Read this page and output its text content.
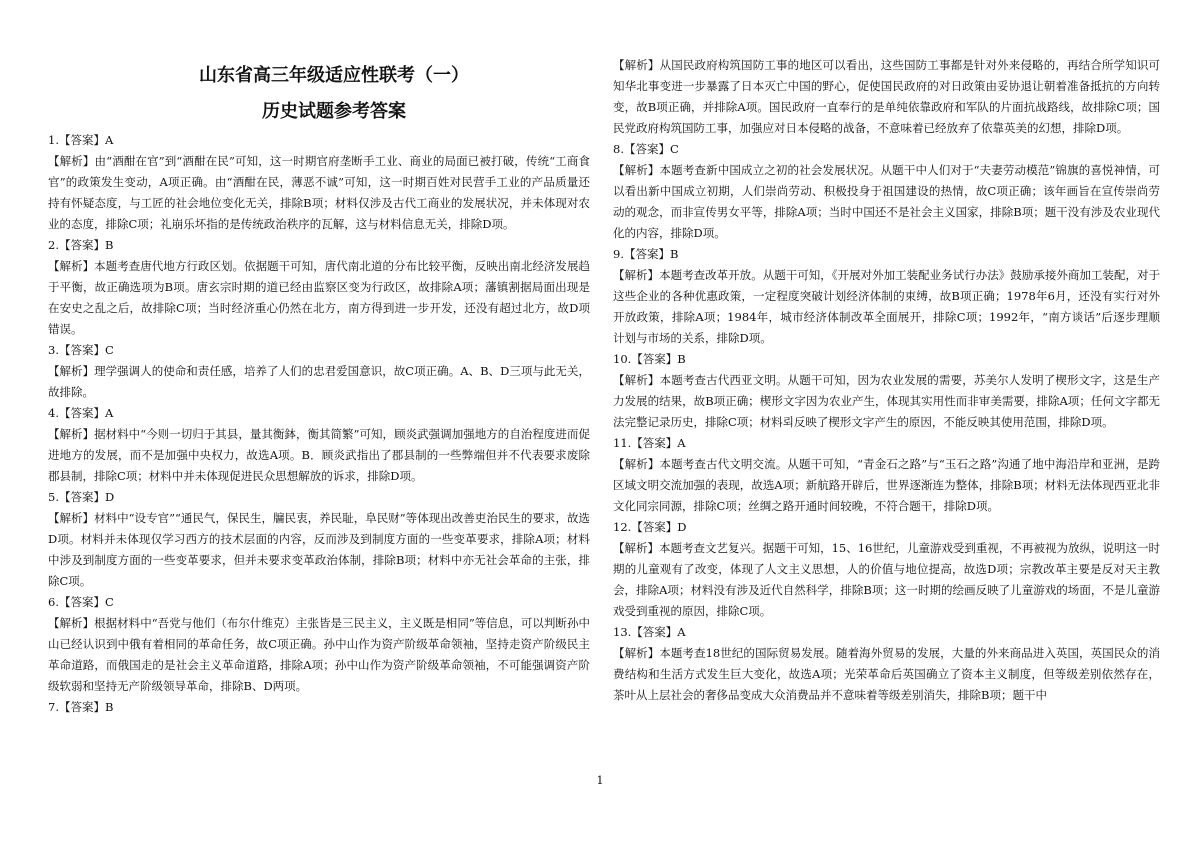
山东省高三年级适应性联考（一）
历史试题参考答案
1.【答案】A

【解析】由“酒酣在官”到“酒酣在民”可知，这一时期官府垄断手工业、商业的局面已被打破，传统“工商食官”的政策发生变动，A项正确。由“酒酣在民，薄恶不诚”可知，这一时期百姓对民营手工业的产品质量还持有怀疑态度，与工匠的社会地位变化无关，排除B项；材料仅涉及古代工商业的发展状况，并未体现对农业的态度，排除C项；礼崩乐坏指的是传统政治秩序的瓦解，这与材料信息无关，排除D项。

2.【答案】B

【解析】本题考查唐代地方行政区划。依据题干可知，唐代南北道的分布比较平衡，反映出南北经济发展趋于平衡，故正确选项为B项。唐玄宗时期的道已经由监察区变为行政区，故排除A项；藩镇割据局面出现是在安史之乱之后，故排除C项；当时经济重心仍然在北方，南方得到进一步开发，还没有超过北方，故D项错误。

3.【答案】C

【解析】理学强调人的使命和责任感，培养了人们的忠君爱国意识，故C项正确。A、B、D三项与此无关，故排除。

4.【答案】A

【解析】据材料中“今则一切归于其县，量其衡鉢，衡其简繁”可知，顾炎武强调加强地方的自治程度进而促进地方的发展，而不是加强中央权力，故选A项。B．顾炎武指出了郡县制的一些弊端但并不代表要求废除郡县制，排除C项；材料中并未体现促进民众思想解放的诉求，排除D项。

5.【答案】D

【解析】材料中“设专官”“通民气，保民生，牖民衷，养民耻，阜民财”等体现出改善吏治民生的要求，故选D项。材料并未体现仅学习西方的技术层面的内容，反而涉及到制度方面的一些变革要求，排除A项；材料中涉及到制度方面的一些变革要求，但并未要求变革政治体制，排除B项；材料中亦无社会革命的主张，排除C项。

6.【答案】C

【解析】根据材料中“吾党与他们（布尔什维克）主张皆是三民主义，主义既是相同”等信息，可以判断孙中山已经认识到中俄有着相同的革命任务，故C项正确。孙中山作为资产阶级革命领袖，坚持走资产阶级民主革命道路，而俄国走的是社会主义革命道路，排除A项；孙中山作为资产阶级革命领袖，不可能强调资产阶级软弱和坚持无产阶级领导革命，排除B、D两项。

7.【答案】B

【解析】从国民政府构筑国防工事的地区可以看出，这些国防工事都是针对外来侵略的，再结合所学知识可知华北事变进一步暴露了日本灭亡中国的野心，促使国民政府的对日政策由妥协退让朝着准备抵抗的方向转变，故B项正确，并排除A项。国民政府一直奉行的是单纯依靠政府和军队的片面抗战路线，故排除C项；国民党政府构筑国防工事，加强应对日本侵略的战备，不意味着已经放弃了依靠英美的幻想，排除D项。

8.【答案】C

【解析】本题考查新中国成立之初的社会发展状况。从题干中人们对于“夫妻劳动模范”锦旗的喜悦神情，可以看出新中国成立初期，人们崇尚劳动、积极投身于祖国建设的热情，故C项正确；该年画旨在宣传崇尚劳动的观念，而非宣传男女平等，排除A项；当时中国还不是社会主义国家，排除B项；题干没有涉及农业现代化的内容，排除D项。

9.【答案】B

【解析】本题考查改革开放。从题干可知，《开展对外加工装配业务试行办法》鼓励承接外商加工装配，对于这些企业的各种优惠政策，一定程度突破计划经济体制的束缚，故B项正确；1978年6月，还没有实行对外开放政策，排除A项；1984年，城市经济体制改革全面展开，排除C项；1992年，“南方谈话”后逐步理顺计划与市场的关系，排除D项。

10.【答案】B

【解析】本题考查古代西亚文明。从题干可知，因为农业发展的需要，苏美尔人发明了楔形文字，这是生产力发展的结果，故B项正确；楔形文字因为农业产生，体现其实用性而非审美需要，排除A项；任何文字都无法完整记录历史，排除C项；材料뢰反映了楔形文字产生的原因，不能反映其使用范围，排除D项。

11.【答案】A

【解析】本题考查古代文明交流。从题干可知，“青金石之路”与“玉石之路”沟通了地中海沿岸和亚洲，是跨区域文明交流加强的表现，故选A项；新航路开辟后，世界逐渐连为整体，排除B项；材料无法体现西亚北非文化同宗同源，排除C项；丝绸之路开通时间较晚，不符合题干，排除D项。

12.【答案】D

【解析】本题考查文艺复兴。据题干可知，15、16世纪，儿童游戏受到重视，不再被视为放纵，说明这一时期的儿童观有了改变，体现了人文主义思想，人的价值与地位提高，故选D项；宗教改革主要是反对天主教会，排除A项；材料没有涉及近代自然科学，排除B项；这一时期的绘画反映了儿童游戏的场面，不是儿童游戏受到重视的原因，排除C项。

13.【答案】A

【解析】本题考查18世纪的国际贸易发展。随着海外贸易的发展，大量的外来商品进入英国，英国民众的消费结构和生活方式发生巨大变化，故选A项；光荣革命后英国确立了资本主义制度，但等级差别依然存在，茶叶从上层社会的奢侈品变成大众消费品并不意味着等级差别消失，排除B项；题干中

1
